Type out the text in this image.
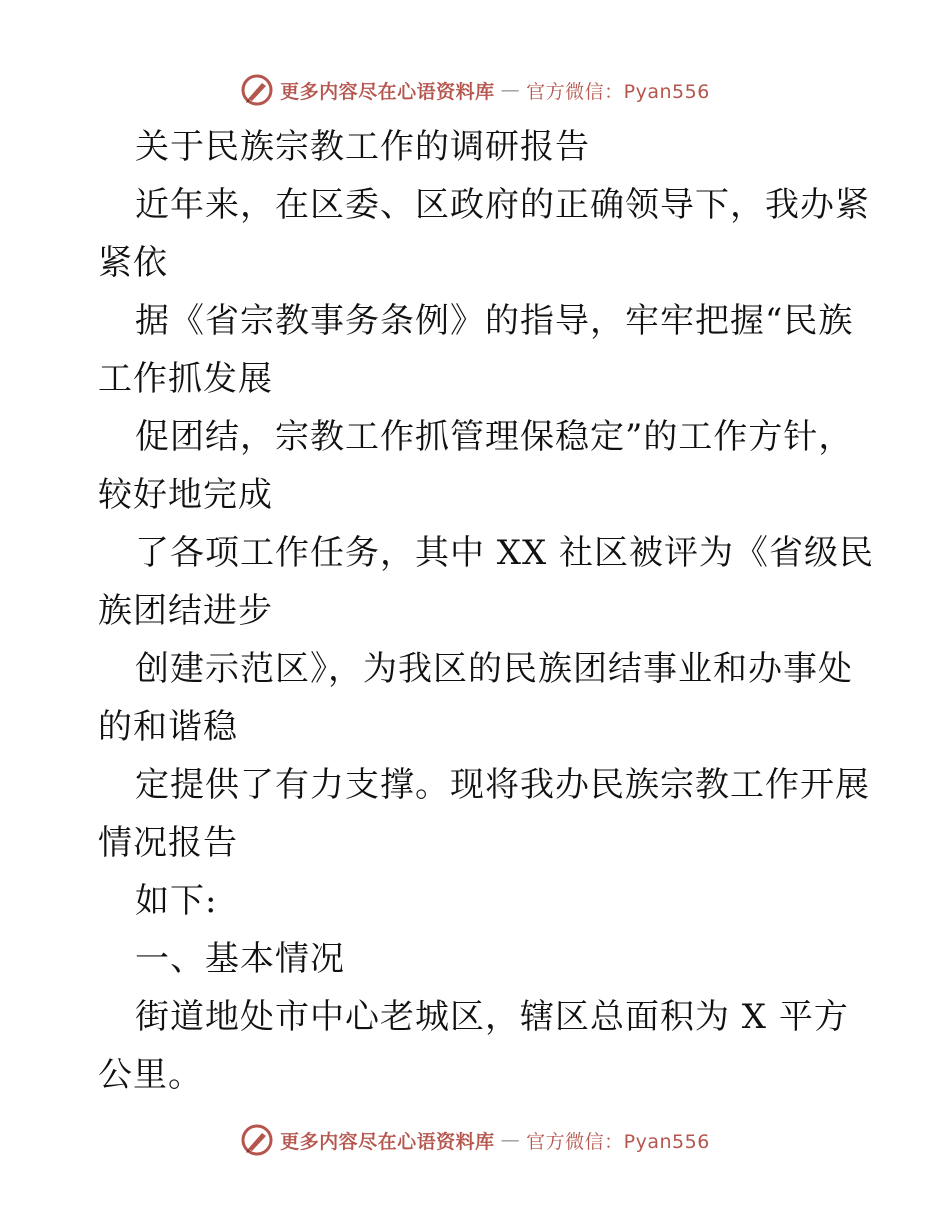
更多内容尽在心语资料库 — 官方微信：Pyan556
关于民族宗教工作的调研报告
近年来，在区委、区政府的正确领导下，我办紧
紧依
据《省宗教事务条例》的指导，牢牢把握“民族
工作抓发展
促团结，宗教工作抓管理保稳定”的工作方针，
较好地完成
了各项工作任务，其中 XX 社区被评为《省级民
族团结进步
创建示范区》，为我区的民族团结事业和办事处
的和谐稳
定提供了有力支撑。现将我办民族宗教工作开展
情况报告
如下:
一、基本情况
街道地处市中心老城区，辖区总面积为 X 平方
公里。
更多内容尽在心语资料库 — 官方微信：Pyan556
